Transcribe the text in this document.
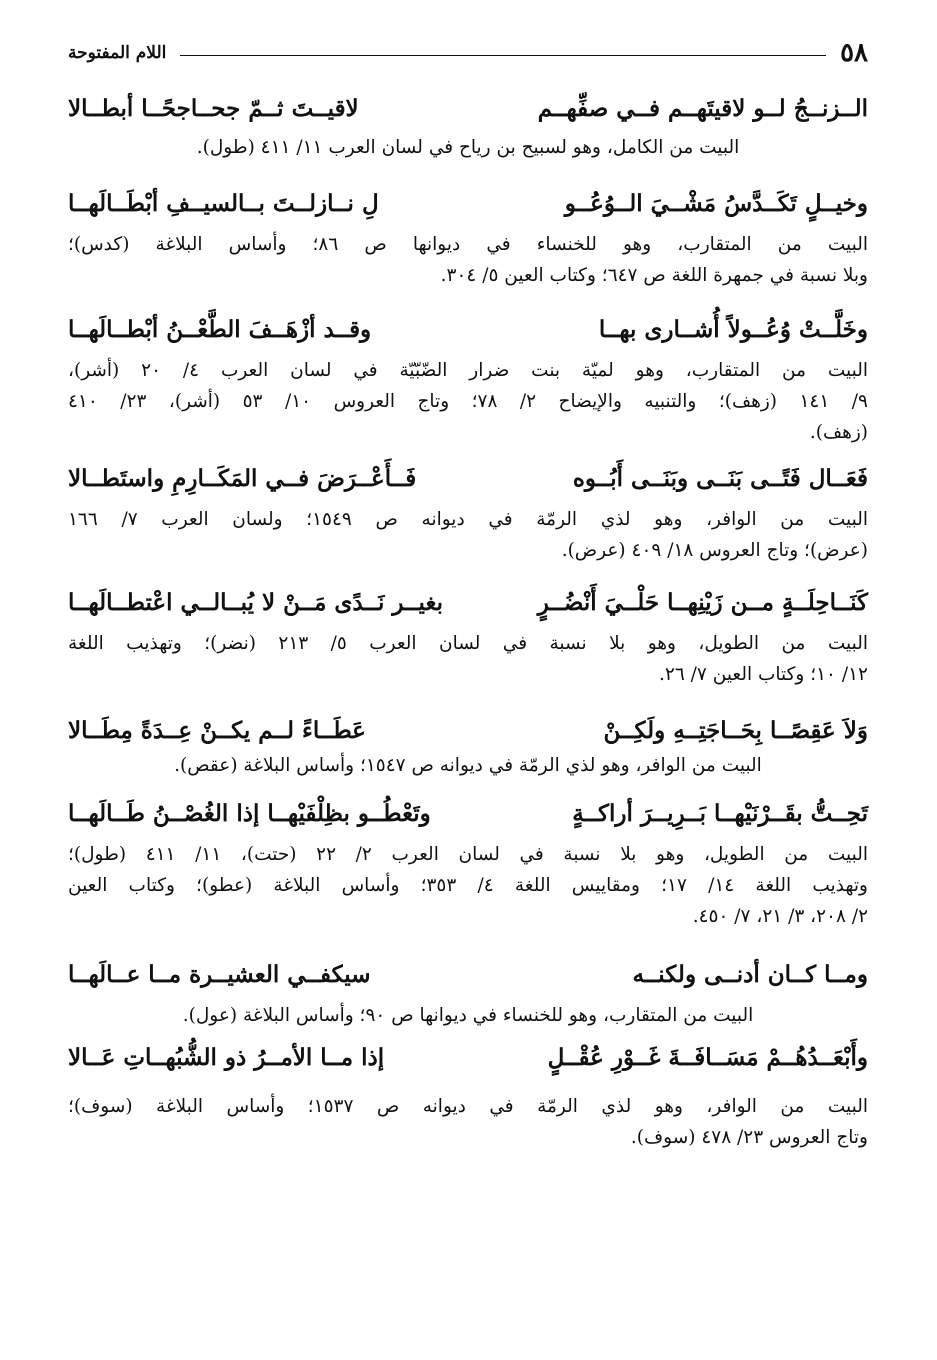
٥٨
اللام المفتوحة
الــزنــجُ لــو لاقيتَهــم فــي صفِّهــم
لاقيــتَ ثــمّ جحــاجحًــا أبطــالا
البيت من الكامل، وهو لسبيح بن رياح في لسان العرب ١١/ ٤١١ (طول).
وخيــلٍ تَكَــدَّسُ مَشْــيَ الــوُعُــو
لِ نــازلــتَ بــالسيــفِ أبْطَــالَهــا
البيت من المتقارب، وهو للخنساء في ديوانها ص ٨٦؛ وأساس البلاغة (كدس)؛
وبلا نسبة في جمهرة اللغة ص ٦٤٧؛ وكتاب العين ٥/ ٣٠٤.
وخَلَّــتْ وُعُــولاً أُشــارى بهــا
وقــد أزْهَــفَ الطَّعْــنُ أبْطــالَهــا
البيت من المتقارب، وهو لميّة بنت ضرار الضّبّيّة في لسان العرب ٤/ ٢٠ (أشر)،
٩/ ١٤١ (زهف)؛ والتنبيه والإيضاح ٢/ ٧٨؛ وتاج العروس ١٠/ ٥٣ (أشر)، ٢٣/ ٤١٠
(زهف).
فَعَــال فَتًــى بَنَــى وبَنَــى أَبُــوه
فَــأَعْــرَضَ فــي المَكَــارِمِ واستَطــالا
البيت من الوافر، وهو لذي الرمّة في ديوانه ص ١٥٤٩؛ ولسان العرب ٧/ ١٦٦
(عرض)؛ وتاج العروس ١٨/ ٤٠٩ (عرض).
كَنَــاحِلَــةٍ مــن زَيْنِهــا حَلْــيَ أَنْضُــرٍ
بغيــر نَــدًى مَــنْ لا يُبــالــي اعْتطــالَهــا
البيت من الطويل، وهو بلا نسبة في لسان العرب ٥/ ٢١٣ (نضر)؛ وتهذيب اللغة
١٢/ ١٠؛ وكتاب العين ٧/ ٢٦.
وَلاَ عَقِصًــا بِحَــاجَتِــهِ ولَكِــنْ
عَطَــاءً لــم يكــنْ عِــدَةً مِطَــالا
البيت من الوافر، وهو لذي الرمّة في ديوانه ص ١٥٤٧؛ وأساس البلاغة (عقص).
تَحِــتُّ بقَــرْنَيْهــا بَــرِيــرَ أراكــةٍ
وتَعْطُــو بظِلْفَيْهــا إذا الغُصْــنُ طَــالَهــا
البيت من الطويل، وهو بلا نسبة في لسان العرب ٢/ ٢٢ (حتت)، ١١/ ٤١١ (طول)؛
وتهذيب اللغة ١٤/ ١٧؛ ومقاييس اللغة ٤/ ٣٥٣؛ وأساس البلاغة (عطو)؛ وكتاب العين
٢/ ٢٠٨، ٣/ ٢١، ٧/ ٤٥٠.
ومــا كــان أدنــى ولكنــه
سيكفــي العشيــرة مــا عــالَهــا
البيت من المتقارب، وهو للخنساء في ديوانها ص ٩٠؛ وأساس البلاغة (عول).
وأَبْعَــدُهُــمْ مَسَــافَــةَ غَــوْرِ عُقْــلٍ
إذا مــا الأمــرُ ذو الشُّبُهــاتِ عَــالا
البيت من الوافر، وهو لذي الرمّة في ديوانه ص ١٥٣٧؛ وأساس البلاغة (سوف)؛
وتاج العروس ٢٣/ ٤٧٨ (سوف).
